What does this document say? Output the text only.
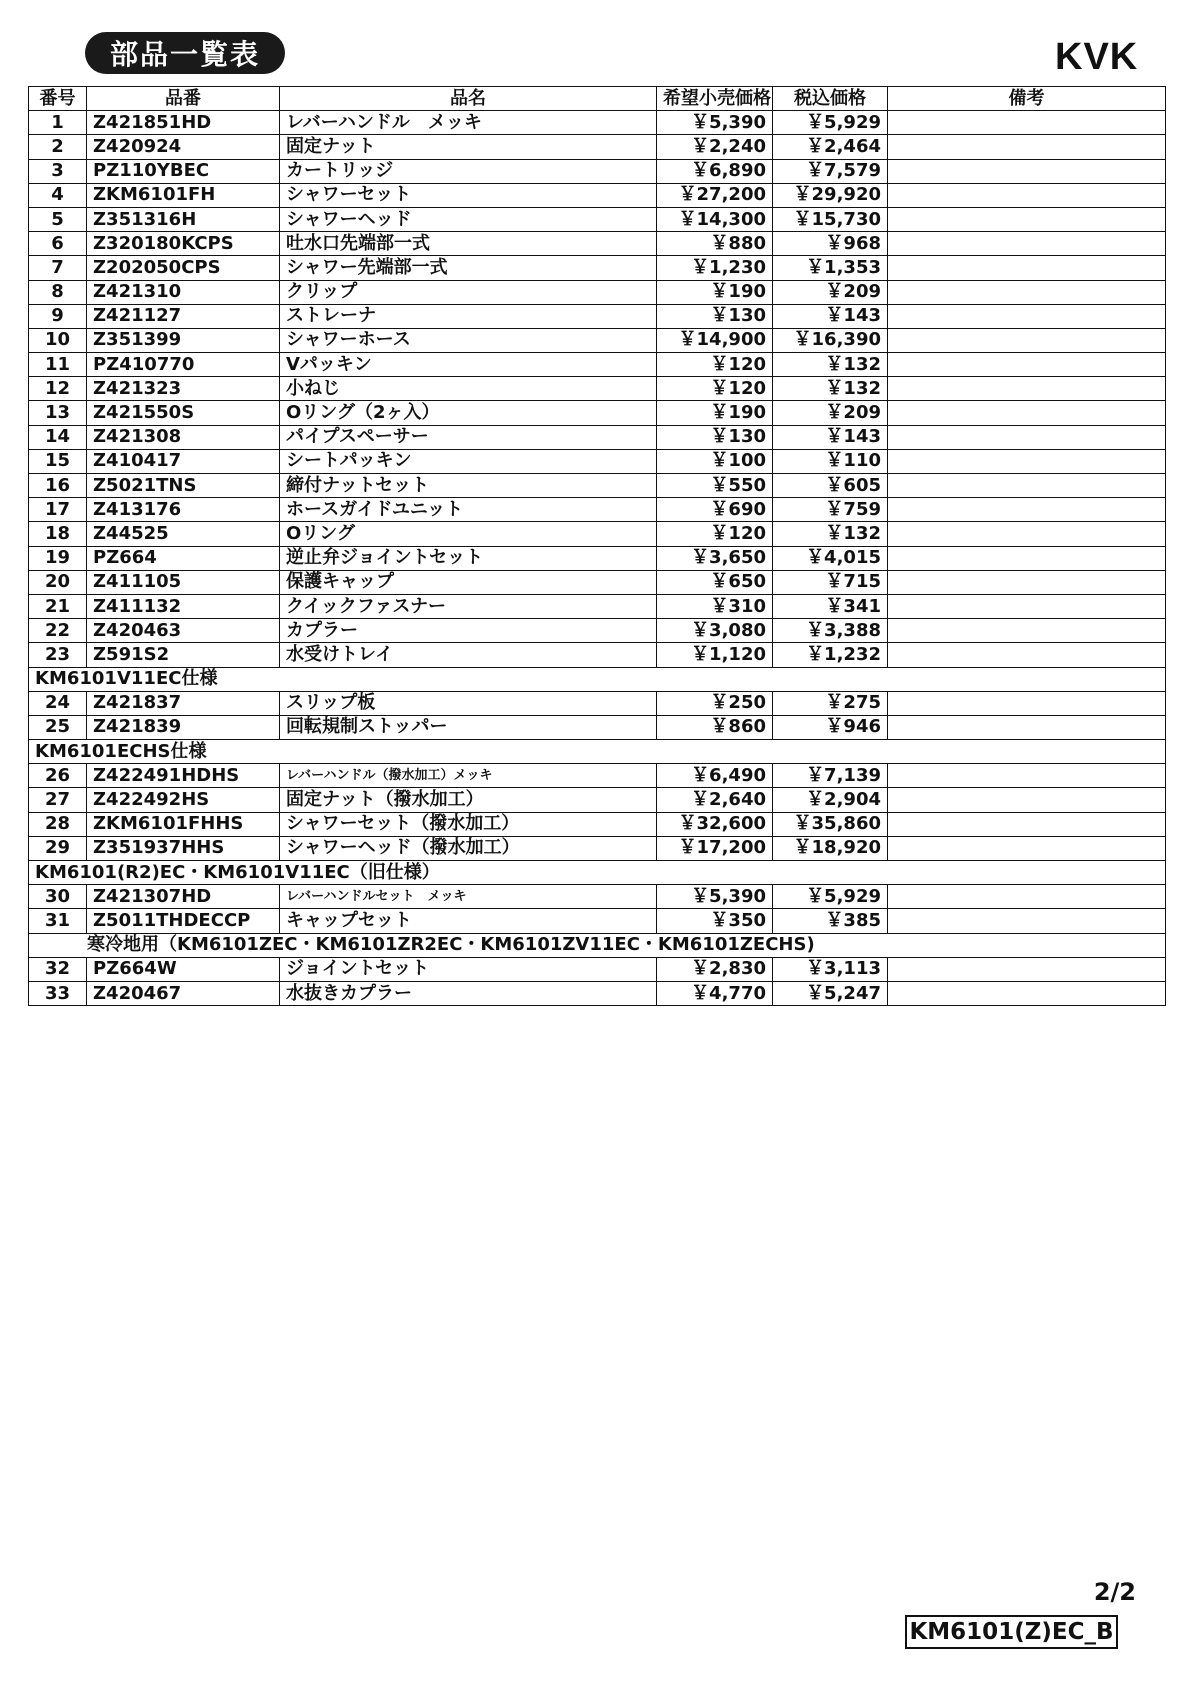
部品一覧表	KVK
番号	品番	品名	希望小売価格	税込価格	備考
1	Z421851HD	レバーハンドル　メッキ	￥5,390	￥5,929	
2	Z420924	固定ナット	￥2,240	￥2,464	
3	PZ110YBEC	カートリッジ	￥6,890	￥7,579	
4	ZKM6101FH	シャワーセット	￥27,200	￥29,920	
5	Z351316H	シャワーヘッド	￥14,300	￥15,730	
6	Z320180KCPS	吐水口先端部一式	￥880	￥968	
7	Z202050CPS	シャワー先端部一式	￥1,230	￥1,353	
8	Z421310	クリップ	￥190	￥209	
9	Z421127	ストレーナ	￥130	￥143	
10	Z351399	シャワーホース	￥14,900	￥16,390	
11	PZ410770	Vパッキン	￥120	￥132	
12	Z421323	小ねじ	￥120	￥132	
13	Z421550S	Oリング（2ヶ入）	￥190	￥209	
14	Z421308	パイプスペーサー	￥130	￥143	
15	Z410417	シートパッキン	￥100	￥110	
16	Z5021TNS	締付ナットセット	￥550	￥605	
17	Z413176	ホースガイドユニット	￥690	￥759	
18	Z44525	Oリング	￥120	￥132	
19	PZ664	逆止弁ジョイントセット	￥3,650	￥4,015	
20	Z411105	保護キャップ	￥650	￥715	
21	Z411132	クイックファスナー	￥310	￥341	
22	Z420463	カプラー	￥3,080	￥3,388	
23	Z591S2	水受けトレイ	￥1,120	￥1,232	
KM6101V11EC仕様					
24	Z421837	スリップ板	￥250	￥275	
25	Z421839	回転規制ストッパー	￥860	￥946	
KM6101ECHS仕様					
26	Z422491HDHS	レバーハンドル（撥水加工）メッキ	￥6,490	￥7,139	
27	Z422492HS	固定ナット（撥水加工）	￥2,640	￥2,904	
28	ZKM6101FHHS	シャワーセット（撥水加工）	￥32,600	￥35,860	
29	Z351937HHS	シャワーヘッド（撥水加工）	￥17,200	￥18,920	
KM6101(R2)EC・KM6101V11EC（旧仕様）					
30	Z421307HD	レバーハンドルセット　メッキ	￥5,390	￥5,929	
31	Z5011THDECCP	キャップセット	￥350	￥385	
寒冷地用（KM6101ZEC・KM6101ZR2EC・KM6101ZV11EC・KM6101ZECHS)					
32	PZ664W	ジョイントセット	￥2,830	￥3,113	
33	Z420467	水抜きカプラー	￥4,770	￥5,247	
2/2
KM6101(Z)EC_B
